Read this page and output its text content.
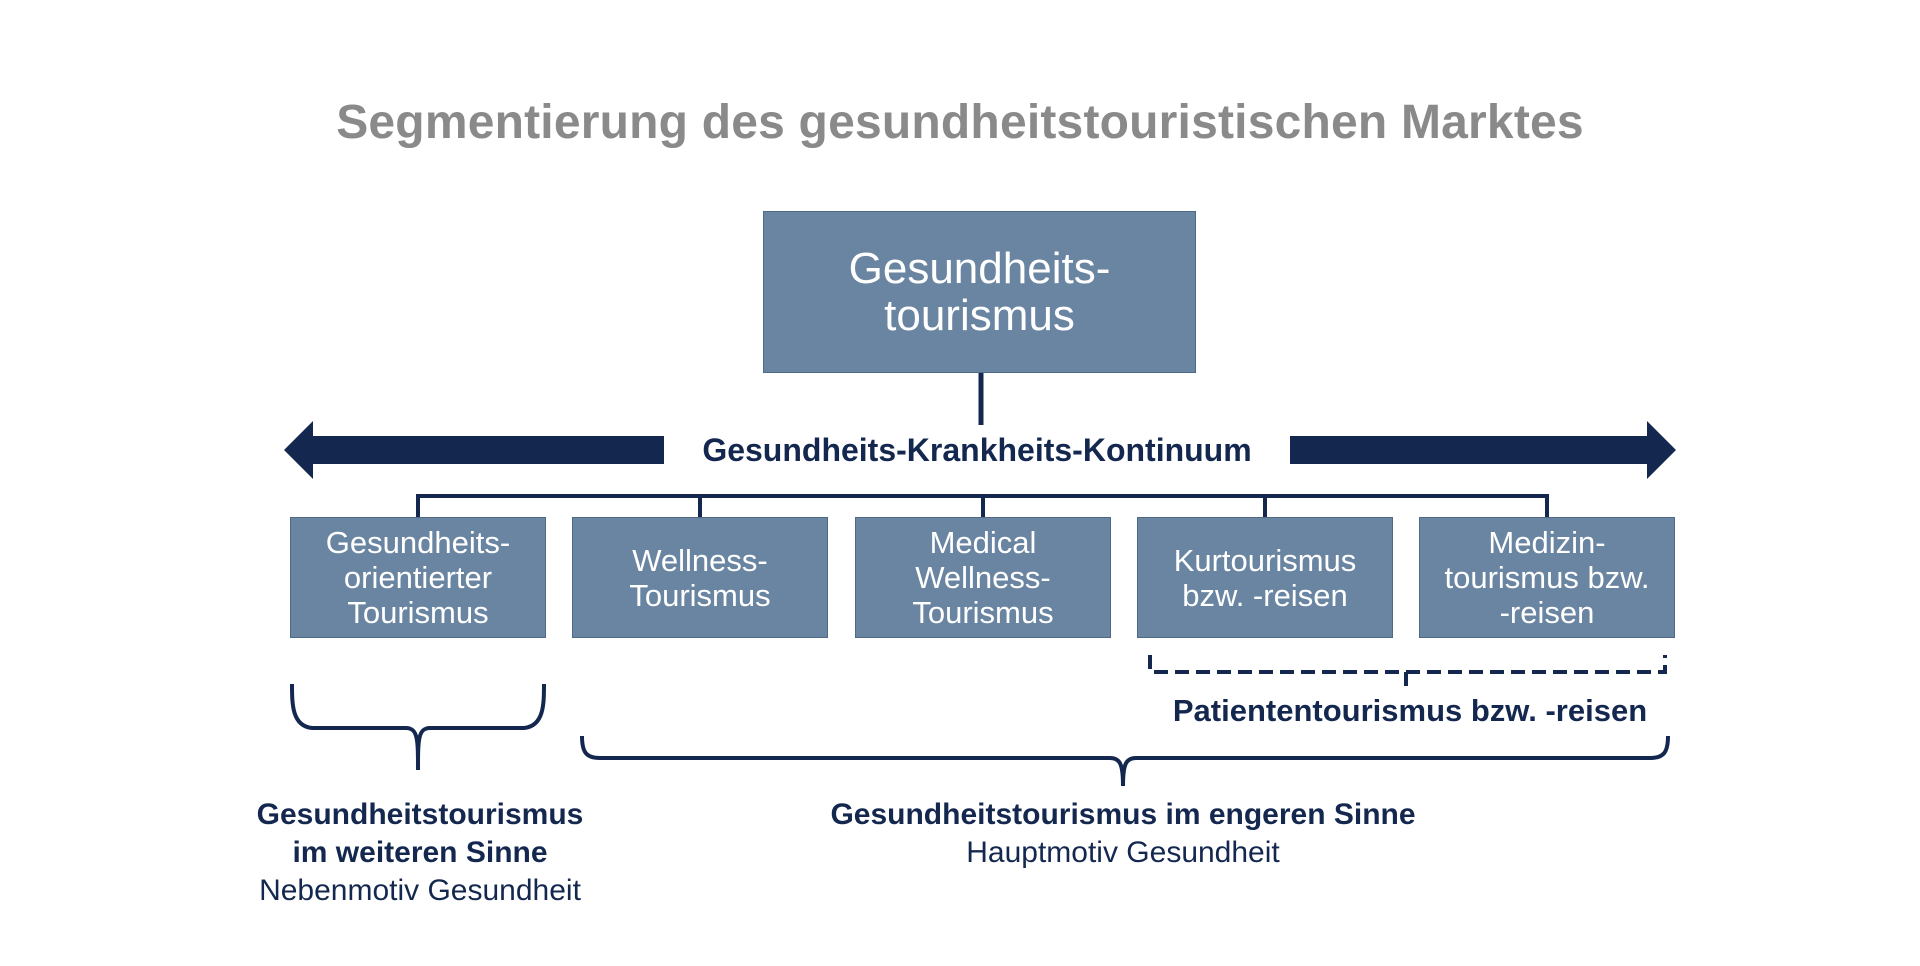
Segmentierung des gesundheitstouristischen Marktes
Gesundheits-Krankheits-Kontinuum
Gesundheits-
tourismus
Gesundheits-
orientierter
Tourismus
Wellness-
Tourismus
Medical
Wellness-
Tourismus
Kurtourismus
bzw. -reisen
Medizin-
tourismus bzw.
-reisen
Patiententourismus bzw. -reisen
Gesundheitstourismus
im weiteren Sinne
Nebenmotiv Gesundheit
Gesundheitstourismus im engeren Sinne
Hauptmotiv Gesundheit
